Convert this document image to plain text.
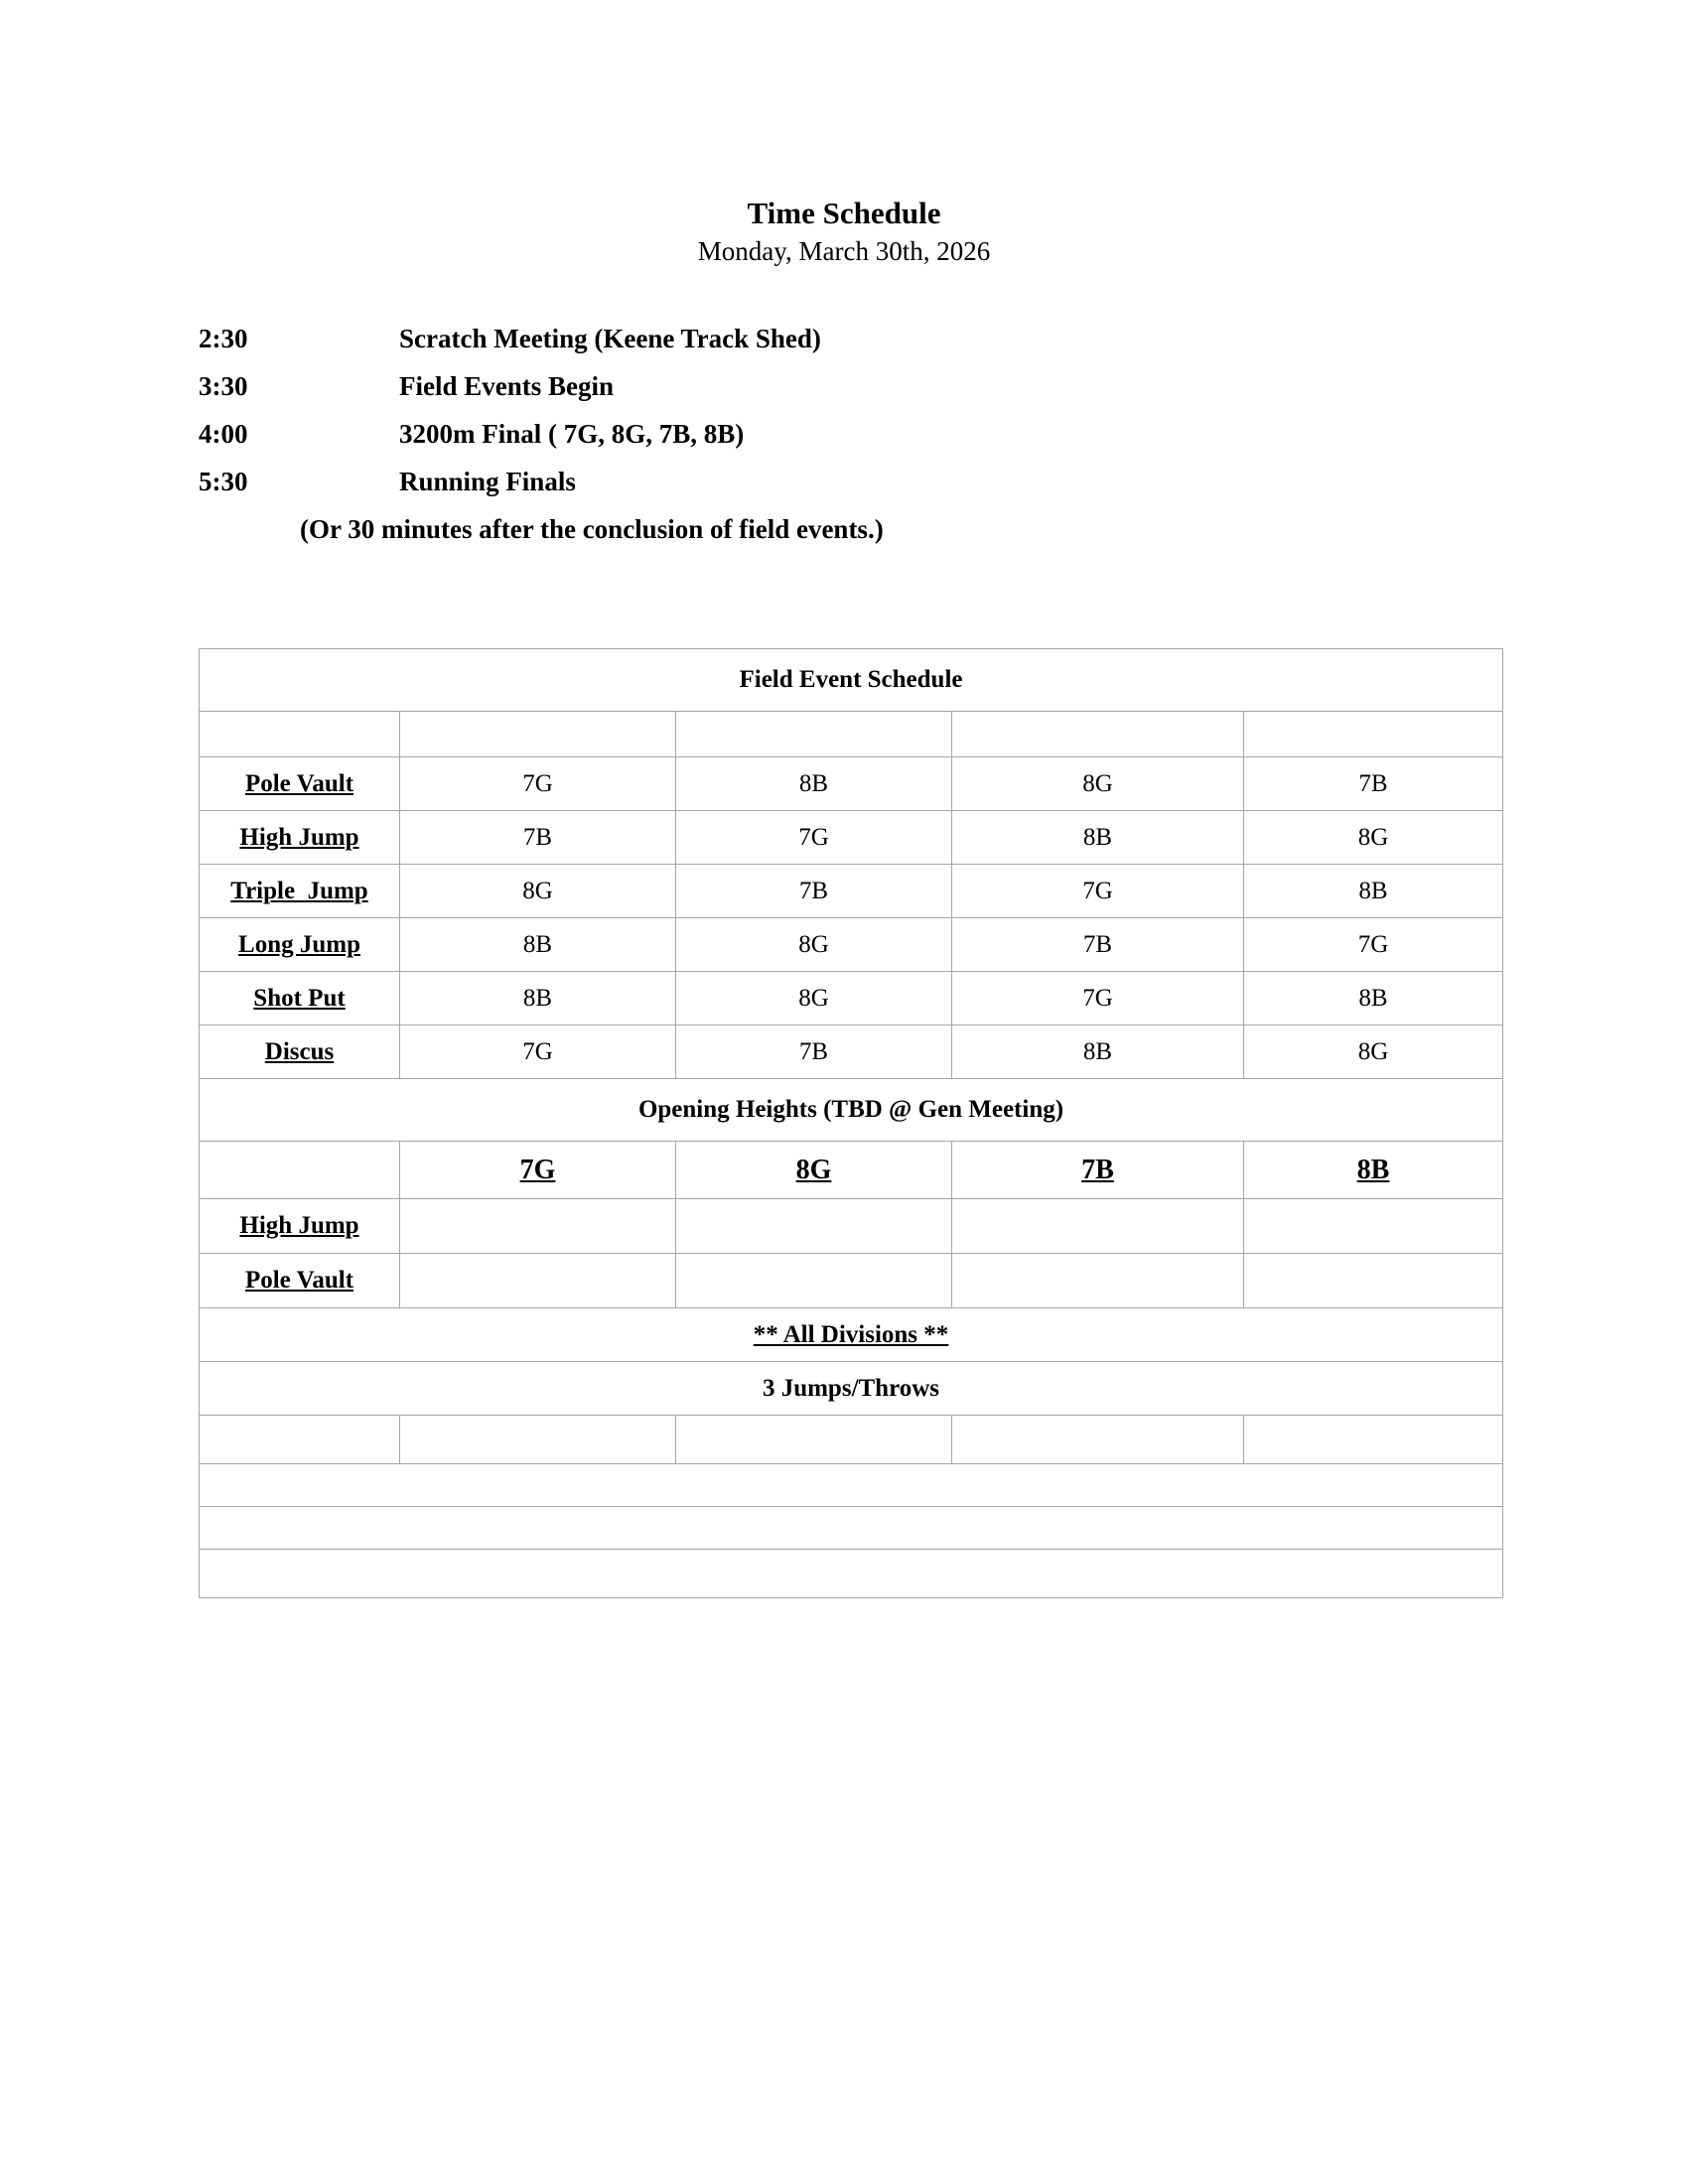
Time Schedule
Monday, March 30th, 2026
2:30	Scratch Meeting (Keene Track Shed)
3:30	Field Events Begin
4:00	3200m Final ( 7G, 8G, 7B, 8B)
5:30	Running Finals
(Or 30 minutes after the conclusion of field events.)
Field Event Schedule				

Pole Vault	7G	8B	8G	7B
High Jump	7B	7G	8B	8G
Triple  Jump	8G	7B	7G	8B
Long Jump	8B	8G	7B	7G
Shot Put	8B	8G	7G	8B
Discus	7G	7B	8B	8G
Opening Heights (TBD @ Gen Meeting)				
	7G	8G	7B	8B
High Jump				
Pole Vault				
** All Divisions **				
3 Jumps/Throws				
